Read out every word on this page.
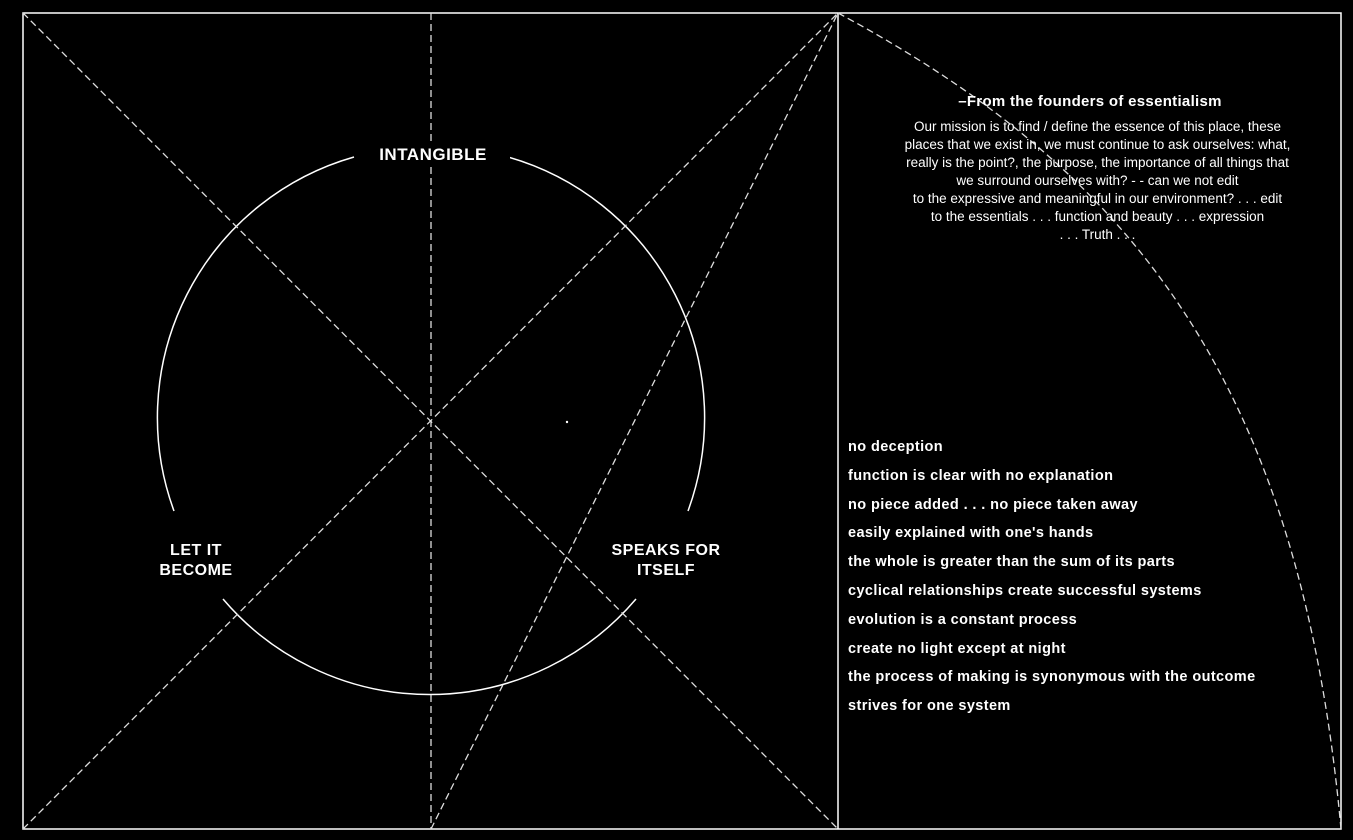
INTANGIBLE
LET IT
BECOME
SPEAKS FOR
ITSELF
–From the founders of essentialism
Our mission is to find / define the essence of this place, these
places that we exist in, we must continue to ask ourselves: what,
really is the point?, the purpose, the importance of all things that
we surround ourselves with? - - can we not edit
to the expressive and meaningful in our environment? . . . edit
to the essentials . . . function and beauty . . . expression
. . . Truth . . .
no deception
function is clear with no explanation
no piece added . . . no piece taken away
easily explained with one's hands
the whole is greater than the sum of its parts
cyclical relationships create successful systems
evolution is a constant process
create no light except at night
the process of making is synonymous with the outcome
strives for one system
